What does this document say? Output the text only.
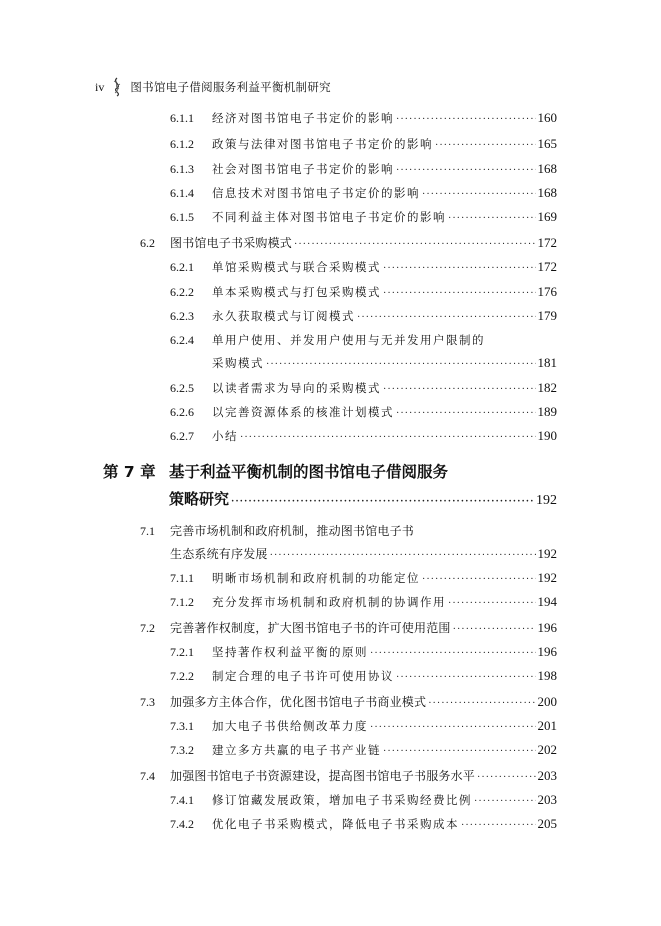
iv 图书馆电子借阅服务利益平衡机制研究
6.1.1	经济对图书馆电子书定价的影响 ·····	160
6.1.2	政策与法律对图书馆电子书定价的影响 ·····	165
6.1.3	社会对图书馆电子书定价的影响 ·····	168
6.1.4	信息技术对图书馆电子书定价的影响 ·····	168
6.1.5	不同利益主体对图书馆电子书定价的影响 ·····	169
6.2	图书馆电子书采购模式 ·····	172
6.2.1	单馆采购模式与联合采购模式 ·····	172
6.2.2	单本采购模式与打包采购模式 ·····	176
6.2.3	永久获取模式与订阅模式 ·····	179
6.2.4	单用户使用、并发用户使用与无并发用户限制的
采购模式 ·····	181
6.2.5	以读者需求为导向的采购模式 ·····	182
6.2.6	以完善资源体系的核准计划模式 ·····	189
6.2.7	小结 ·····	190
第 7 章 基于利益平衡机制的图书馆电子借阅服务
策略研究 ·····	192
7.1	完善市场机制和政府机制，推动图书馆电子书
生态系统有序发展 ·····	192
7.1.1	明晰市场机制和政府机制的功能定位 ·····	192
7.1.2	充分发挥市场机制和政府机制的协调作用 ·····	194
7.2	完善著作权制度，扩大图书馆电子书的许可使用范围 ·····	196
7.2.1	坚持著作权利益平衡的原则 ·····	196
7.2.2	制定合理的电子书许可使用协议 ·····	198
7.3	加强多方主体合作，优化图书馆电子书商业模式 ·····	200
7.3.1	加大电子书供给侧改革力度 ·····	201
7.3.2	建立多方共赢的电子书产业链 ·····	202
7.4	加强图书馆电子书资源建设，提高图书馆电子书服务水平 ·····	203
7.4.1	修订馆藏发展政策，增加电子书采购经费比例 ·····	203
7.4.2	优化电子书采购模式，降低电子书采购成本 ·····	205
